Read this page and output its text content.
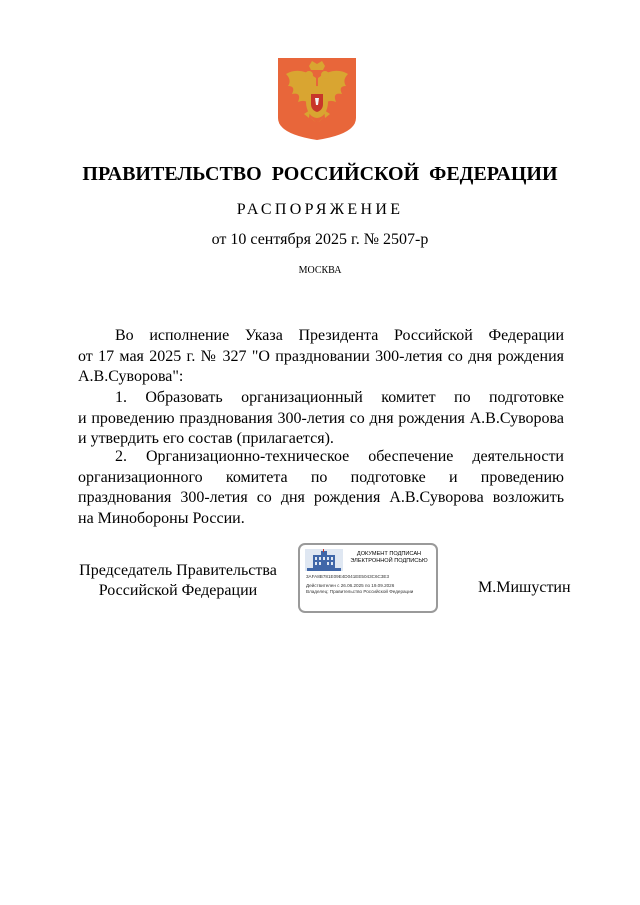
ПРАВИТЕЛЬСТВО РОССИЙСКОЙ ФЕДЕРАЦИИ
РАСПОРЯЖЕНИЕ
от 10 сентября 2025 г. № 2507-р
МОСКВА
Во исполнение Указа Президента Российской Федерации
от 17 мая 2025 г. № 327 "О праздновании 300-летия со дня рождения
А.В.Суворова":
1. Образовать организационный комитет по подготовке
и проведению празднования 300-летия со дня рождения А.В.Суворова
и утвердить его состав (прилагается).
2. Организационно-техническое обеспечение деятельности
организационного комитета по подготовке и проведению
празднования 300-летия со дня рождения А.В.Суворова возложить
на Минобороны России.
Председатель Правительства
Российской Федерации	М.Мишустин
ДОКУМЕНТ ПОДПИСАН
ЭЛЕКТРОННОЙ ПОДПИСЬЮ
3AFA8B781E09E4D041EE5043C6C3E3
Действителен с 26.06.2025 по 19.09.2026
Владелец: Правительство Российской Федерации
